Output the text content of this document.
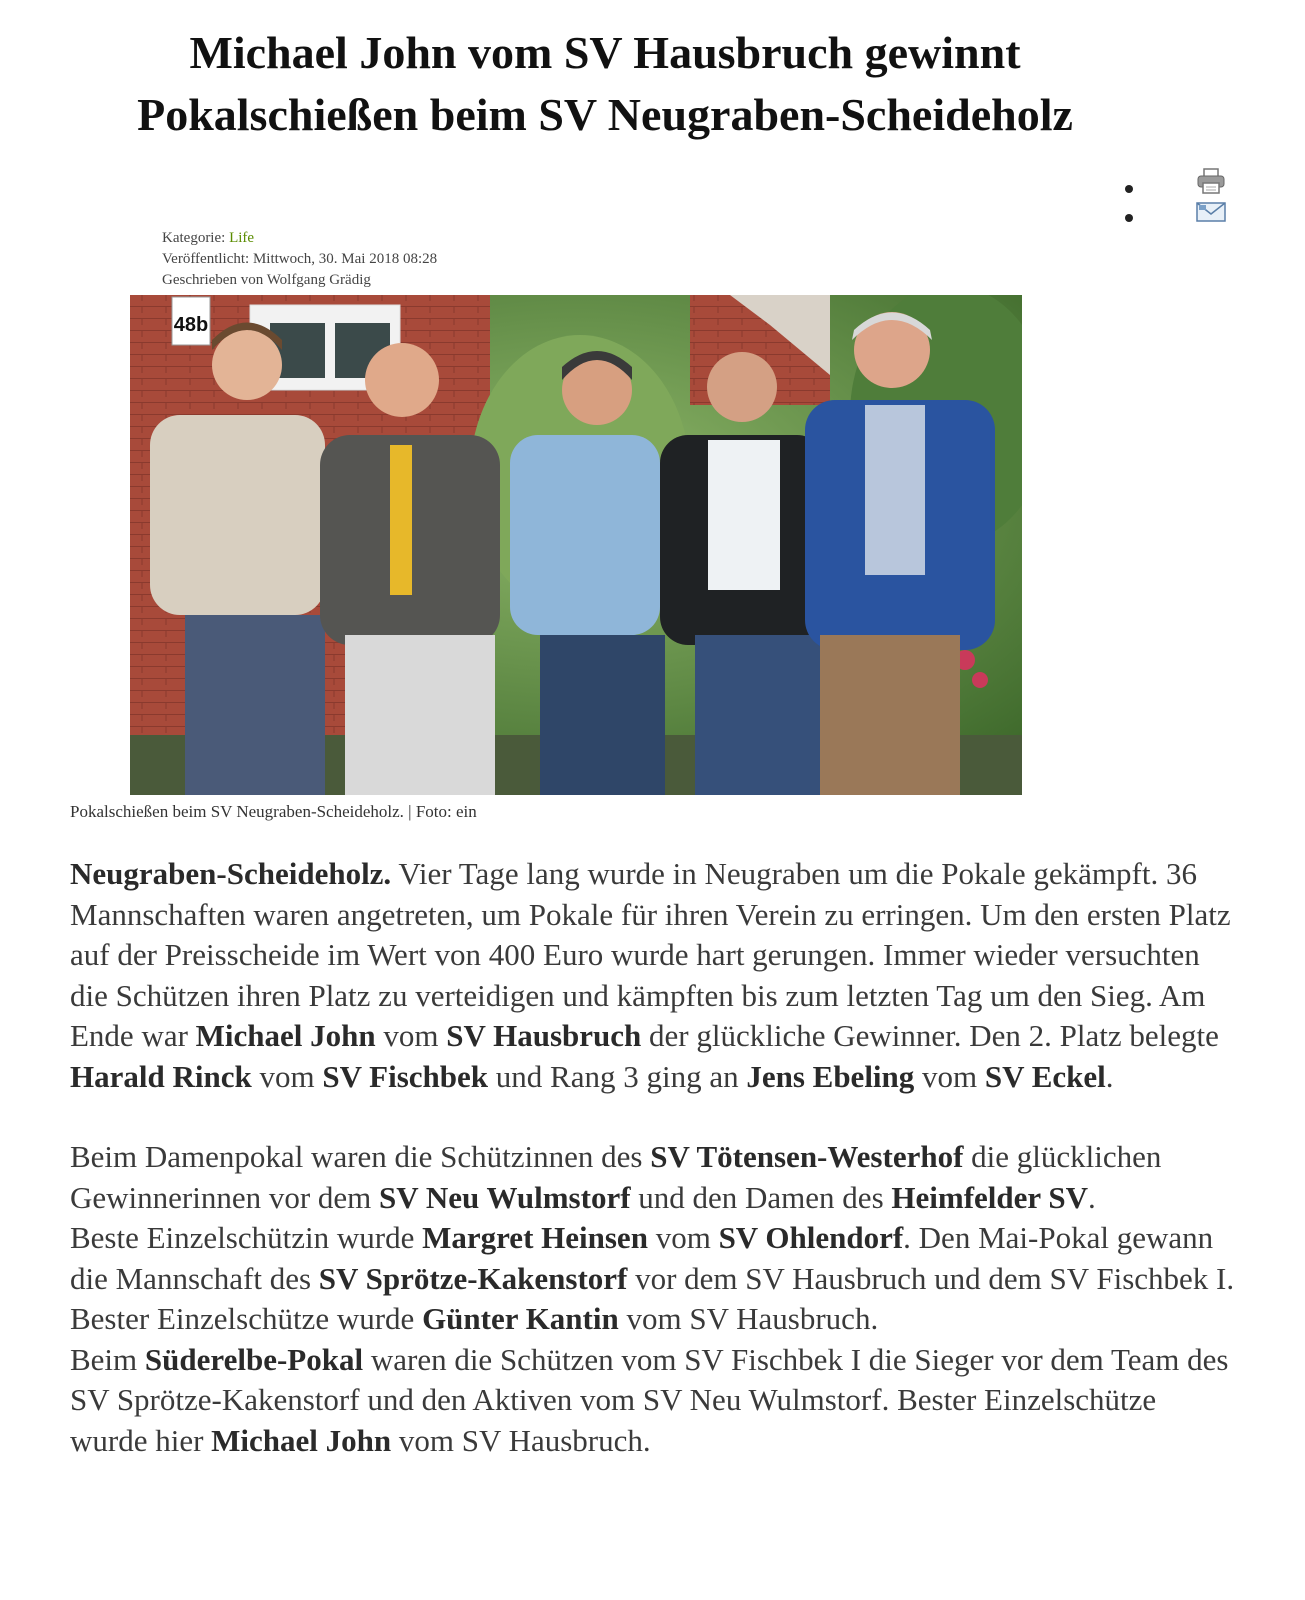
Michael John vom SV Hausbruch gewinnt
Pokalschießen beim SV Neugraben-Scheideholz
Kategorie: Life
Veröffentlicht: Mittwoch, 30. Mai 2018 08:28
Geschrieben von Wolfgang Grädig
48b
Pokalschießen beim SV Neugraben-Scheideholz. | Foto: ein

Neugraben-Scheideholz. Vier Tage lang wurde in Neugraben um die Pokale gekämpft. 36 Mannschaften waren angetreten, um Pokale für ihren Verein zu erringen. Um den ersten Platz auf der Preisscheide im Wert von 400 Euro wurde hart gerungen. Immer wieder versuchten die Schützen ihren Platz zu verteidigen und kämpften bis zum letzten Tag um den Sieg. Am Ende war Michael John vom SV Hausbruch der glückliche Gewinner. Den 2. Platz belegte Harald Rinck vom SV Fischbek und Rang 3 ging an Jens Ebeling vom SV Eckel.

Beim Damenpokal waren die Schützinnen des SV Tötensen-Westerhof die glücklichen Gewinnerinnen vor dem SV Neu Wulmstorf und den Damen des Heimfelder SV.

Beste Einzelschützin wurde Margret Heinsen vom SV Ohlendorf. Den Mai-Pokal gewann die Mannschaft des SV Sprötze-Kakenstorf vor dem SV Hausbruch und dem SV Fischbek I. Bester Einzelschütze wurde Günter Kantin vom SV Hausbruch.

Beim Süderelbe-Pokal waren die Schützen vom SV Fischbek I die Sieger vor dem Team des SV Sprötze-Kakenstorf und den Aktiven vom SV Neu Wulmstorf. Bester Einzelschütze wurde hier Michael John vom SV Hausbruch.
